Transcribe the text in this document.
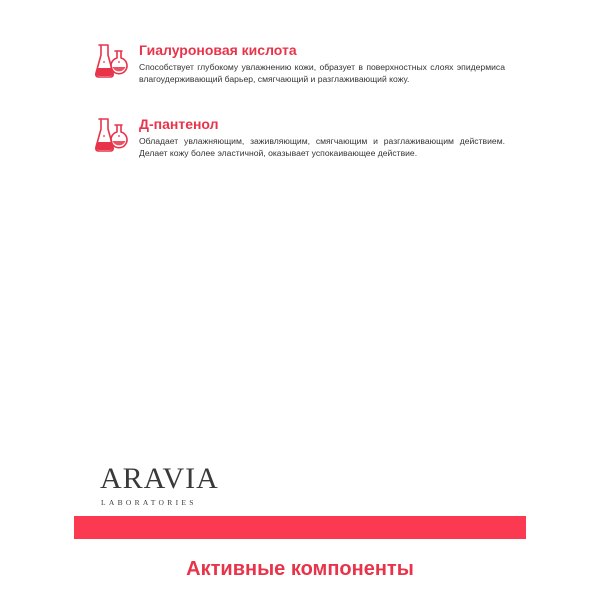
Гиалуроновая кислота
Способствует глубокому увлажнению кожи, образует в поверхностных слоях эпидермиса влагоудерживающий барьер, смягчающий и разглаживающий кожу.
Д-пантенол
Обладает увлажняющим, заживляющим, смягчающим и разглаживающим действием. Делает кожу более эластичной, оказывает успокаивающее действие.
ARAVIA
LABORATORIES
Активные компоненты
